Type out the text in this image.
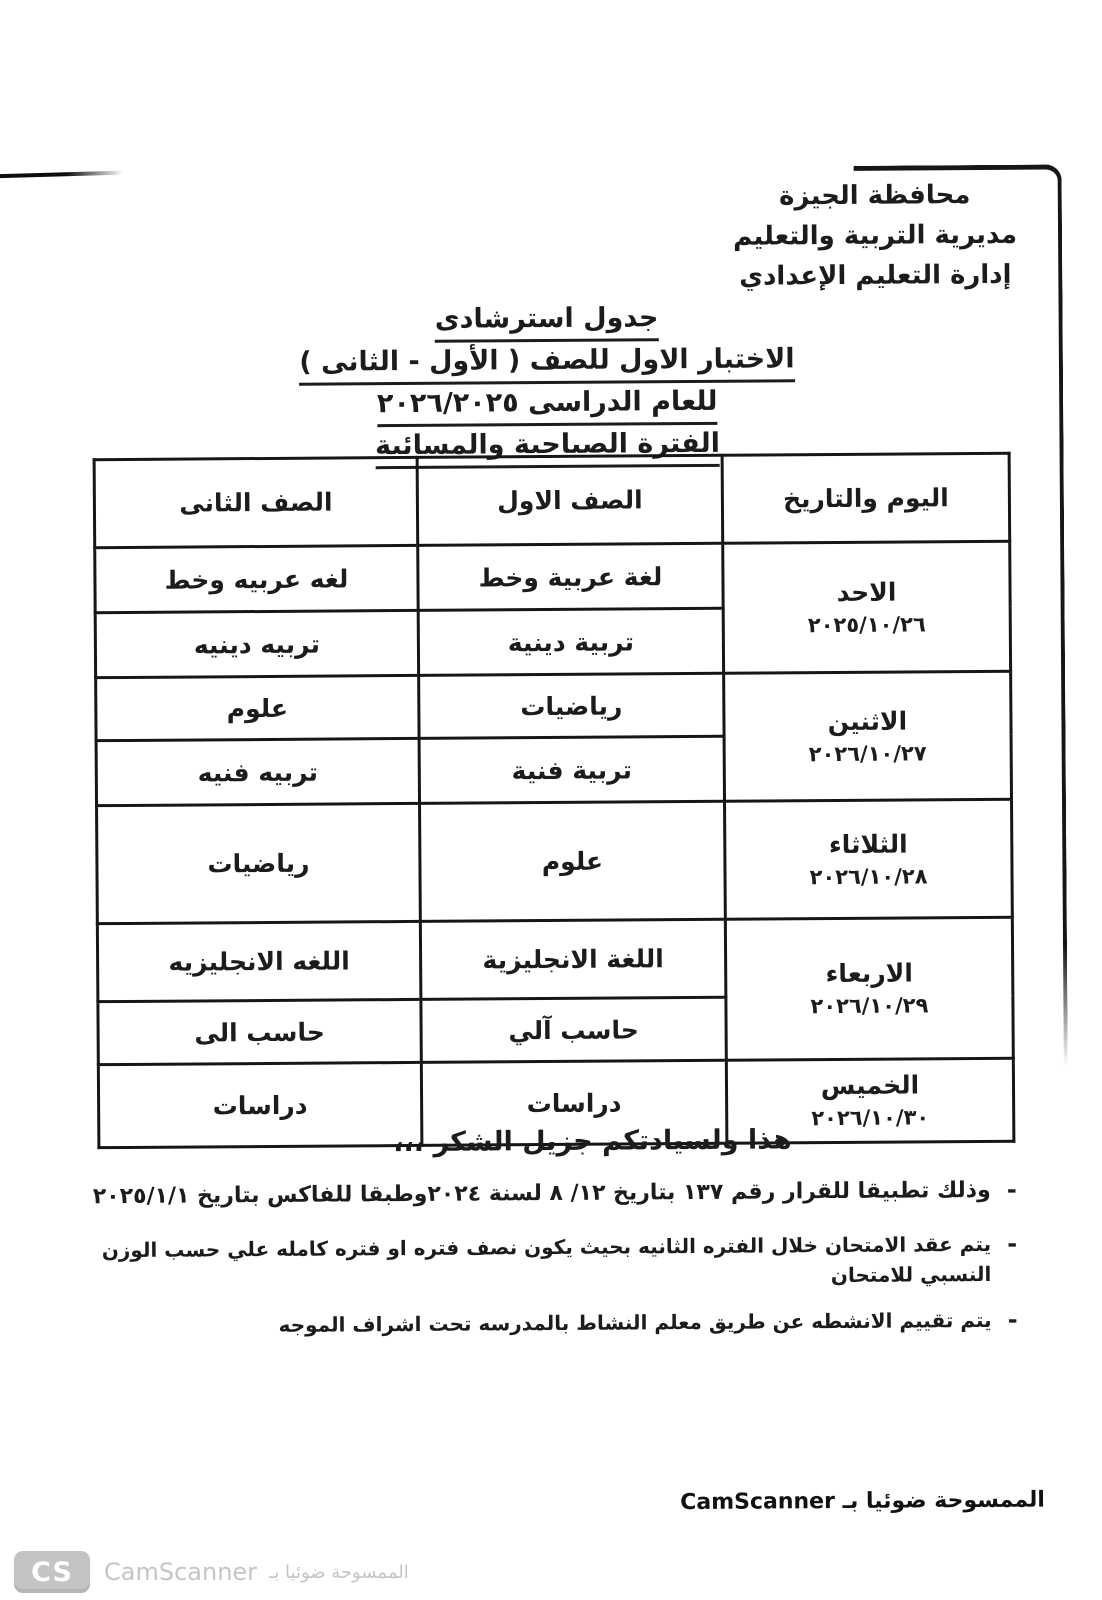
محافظة الجيزة
مديرية التربية والتعليم
إدارة التعليم الإعدادي
جدول استرشادى
الاختبار الاول للصف ( الأول - الثانى )
للعام الدراسى ٢٠٢٦/٢٠٢٥
الفترة الصباحية والمسائية
اليوم والتاريخ	الصف الاول	الصف الثانى

الاحد
٢٠٢٥/١٠/٢٦	لغة عربية وخط	لغه عربيه وخط
	تربية دينية	تربيه دينيه

الاثنين
٢٠٢٦/١٠/٢٧	رياضيات	علوم
	تربية فنية	تربيه فنيه

الثلاثاء
٢٠٢٦/١٠/٢٨	علوم	رياضيات

الاربعاء
٢٠٢٦/١٠/٢٩	اللغة الانجليزية	اللغه الانجليزيه
	حاسب آلي	حاسب الى

الخميس
٢٠٢٦/١٠/٣٠	دراسات	دراسات
هذا ولسيادتكم جزيل الشكر ،،،
-
وذلك تطبيقا للقرار رقم ١٣٧ بتاريخ ١٢/ ٨ لسنة ٢٠٢٤وطبقا للفاكس بتاريخ ٢٠٢٥/١/١
-
يتم عقد الامتحان خلال الفتره الثانيه بحيث يكون نصف فتره او فتره كامله علي حسب الوزن النسبي للامتحان
-
يتم تقييم الانشطه عن طريق معلم النشاط بالمدرسه تحت اشراف الموجه
الممسوحة ضوئيا بـ CamScanner
CS	CamScanner الممسوحة ضوئيا بـ
